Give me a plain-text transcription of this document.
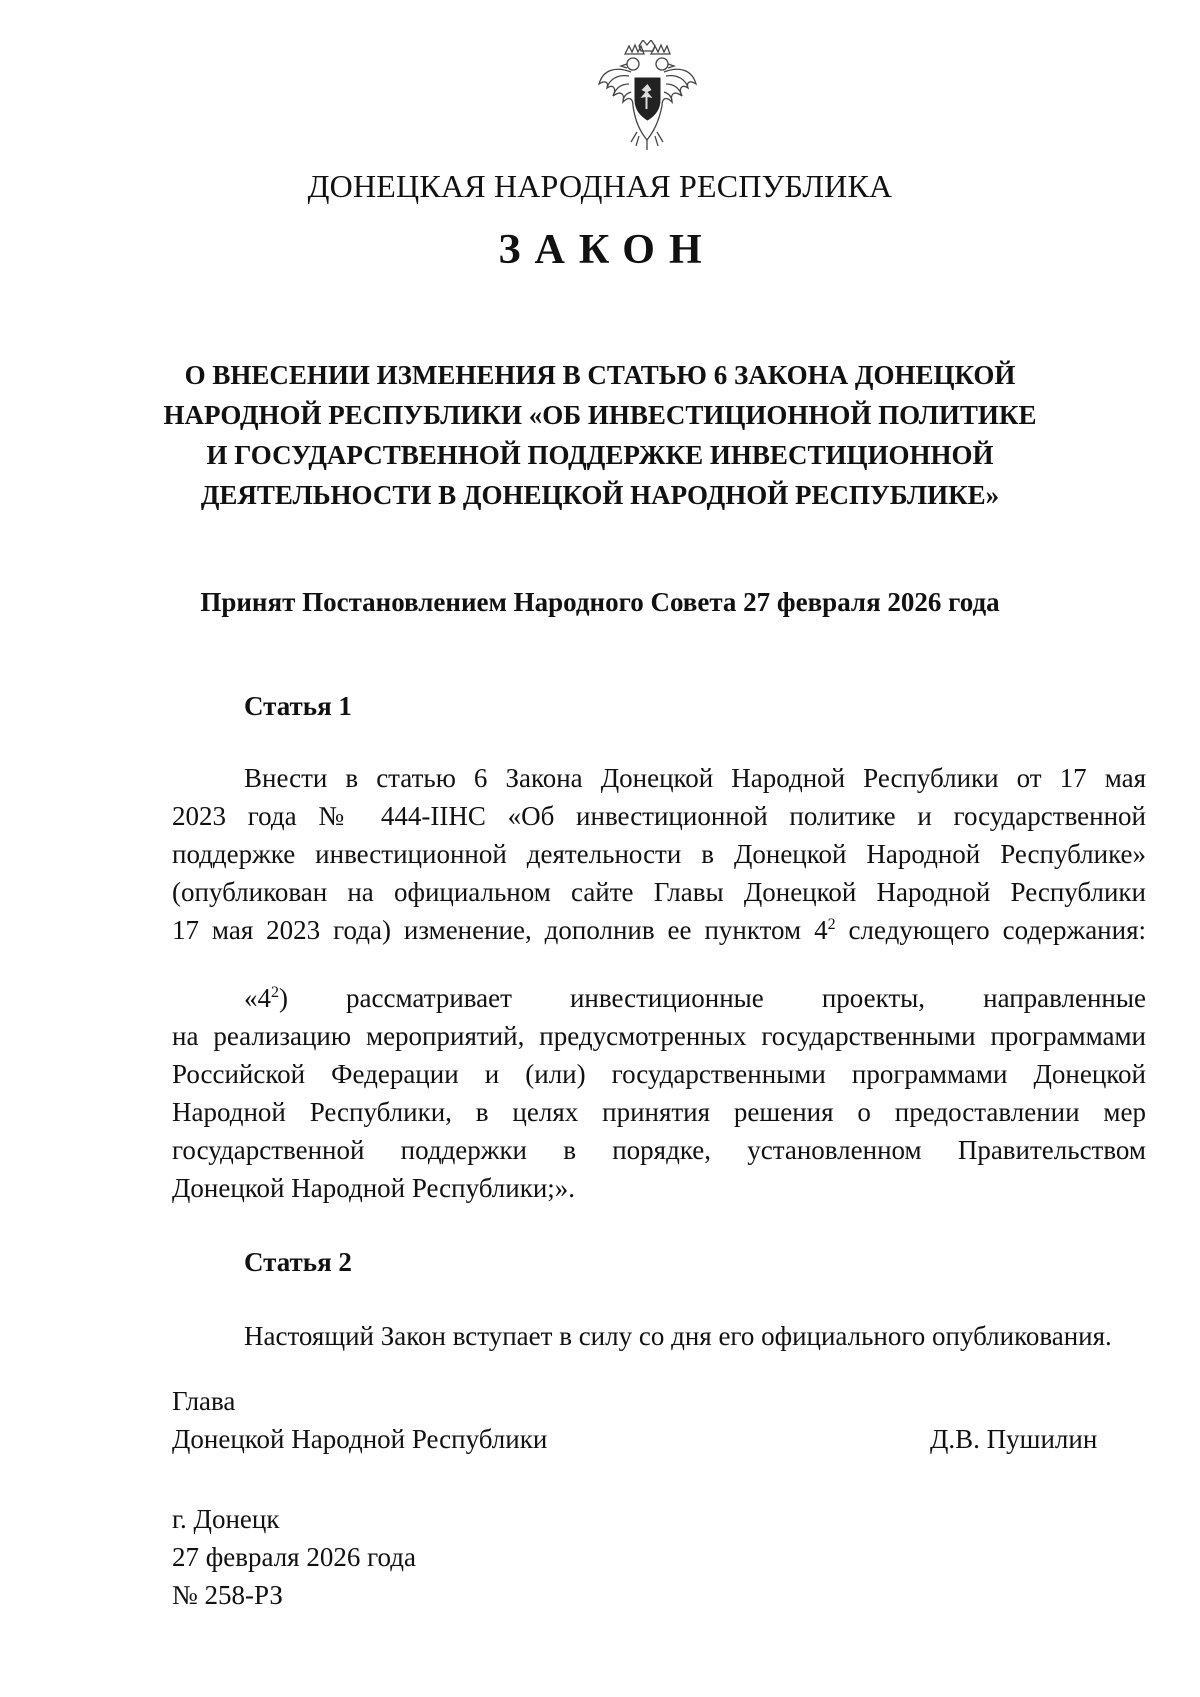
ДОНЕЦКАЯ НАРОДНАЯ РЕСПУБЛИКА
ЗАКОН
О ВНЕСЕНИИ ИЗМЕНЕНИЯ В СТАТЬЮ 6 ЗАКОНА ДОНЕЦКОЙ
НАРОДНОЙ РЕСПУБЛИКИ «ОБ ИНВЕСТИЦИОННОЙ ПОЛИТИКЕ
И ГОСУДАРСТВЕННОЙ ПОДДЕРЖКЕ ИНВЕСТИЦИОННОЙ
ДЕЯТЕЛЬНОСТИ В ДОНЕЦКОЙ НАРОДНОЙ РЕСПУБЛИКЕ»
Принят Постановлением Народного Совета 27 февраля 2026 года
Статья 1
Внести в статью 6 Закона Донецкой Народной Республики от 17 мая
2023 года № 444-IIНС «Об инвестиционной политике и государственной
поддержке инвестиционной деятельности в Донецкой Народной Республике»
(опубликован на официальном сайте Главы Донецкой Народной Республики
17 мая 2023 года) изменение, дополнив ее пунктом $4^2$ следующего содержания:
«$4^2$) рассматривает инвестиционные проекты, направленные
на реализацию мероприятий, предусмотренных государственными программами
Российской Федерации и (или) государственными программами Донецкой
Народной Республики, в целях принятия решения о предоставлении мер
государственной поддержки в порядке, установленном Правительством
Донецкой Народной Республики;».
Статья 2
Настоящий Закон вступает в силу со дня его официального опубликования.
Глава
Донецкой Народной Республики	Д.В. Пушилин
г. Донецк
27 февраля 2026 года
№ 258-РЗ
